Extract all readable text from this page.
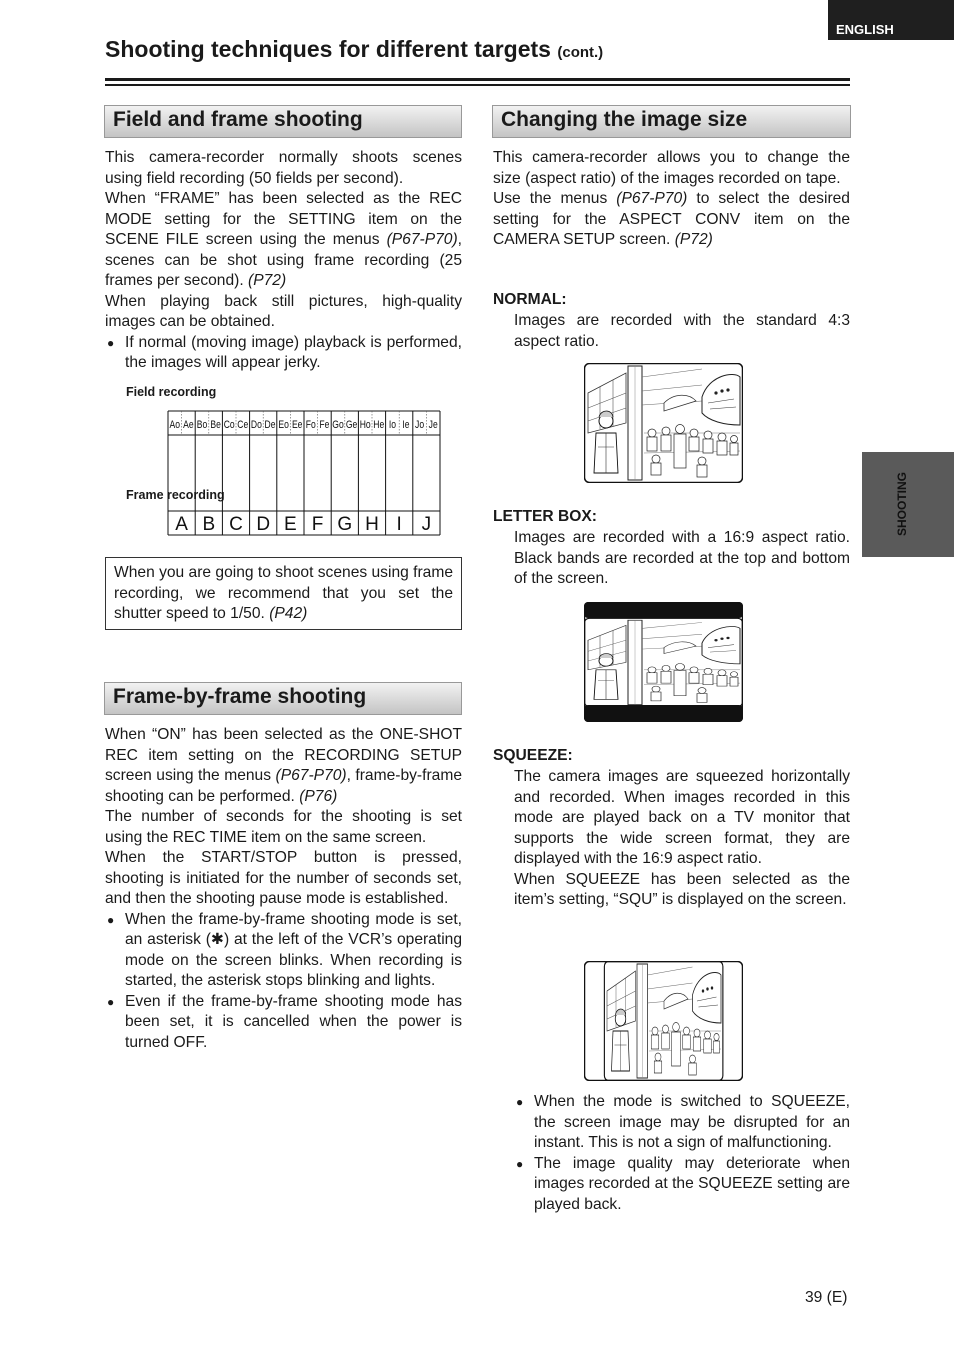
ENGLISH
Shooting techniques for different targets (cont.)
SHOOTING
Field and frame shooting

This camera-recorder normally shoots scenes using field recording (50 fields per second).

When “FRAME” has been selected as the REC MODE setting for the SETTING item on the SCENE FILE screen using the menus (P67-P70), scenes can be shot using frame recording (25 frames per second). (P72)

When playing back still pictures, high-quality images can be obtained.

● If normal (moving image) playback is performed, the images will appear jerky.
Field recording
Frame recording
Ao Ae Bo Be Co Ce Do De Eo Ee Fo Fe Go Ge Ho He Io Ie Jo Je
A B C D E F G H I J
When you are going to shoot scenes using frame recording, we recommend that you set the shutter speed to 1/50. (P42)
Frame-by-frame shooting

When “ON” has been selected as the ONE-SHOT REC item setting on the RECORDING SETUP screen using the menus (P67-P70), frame-by-frame shooting can be performed. (P76)

The number of seconds for the shooting is set using the REC TIME item on the same screen.

When the START/STOP button is pressed, shooting is initiated for the number of seconds set, and then the shooting pause mode is established.

● When the frame-by-frame shooting mode is set, an asterisk (✱) at the left of the VCR’s operating mode on the screen blinks. When recording is started, the asterisk stops blinking and lights.
● Even if the frame-by-frame shooting mode has been set, it is cancelled when the power is turned OFF.
Changing the image size

This camera-recorder allows you to change the size (aspect ratio) of the images recorded on tape.

Use the menus (P67-P70) to select the desired setting for the ASPECT CONV item on the CAMERA SETUP screen. (P72)

NORMAL:
Images are recorded with the standard 4:3 aspect ratio.
LETTER BOX:
Images are recorded with a 16:9 aspect ratio. Black bands are recorded at the top and bottom of the screen.
SQUEEZE:

The camera images are squeezed horizontally and recorded. When images recorded in this mode are played back on a TV monitor that supports the wide screen format, they are displayed with the 16:9 aspect ratio.

When SQUEEZE has been selected as the item’s setting, “SQU” is displayed on the screen.

● When the mode is switched to SQUEEZE, the screen image may be disrupted for an instant. This is not a sign of malfunctioning.
● The image quality may deteriorate when images recorded at the SQUEEZE setting are played back.
39 (E)
